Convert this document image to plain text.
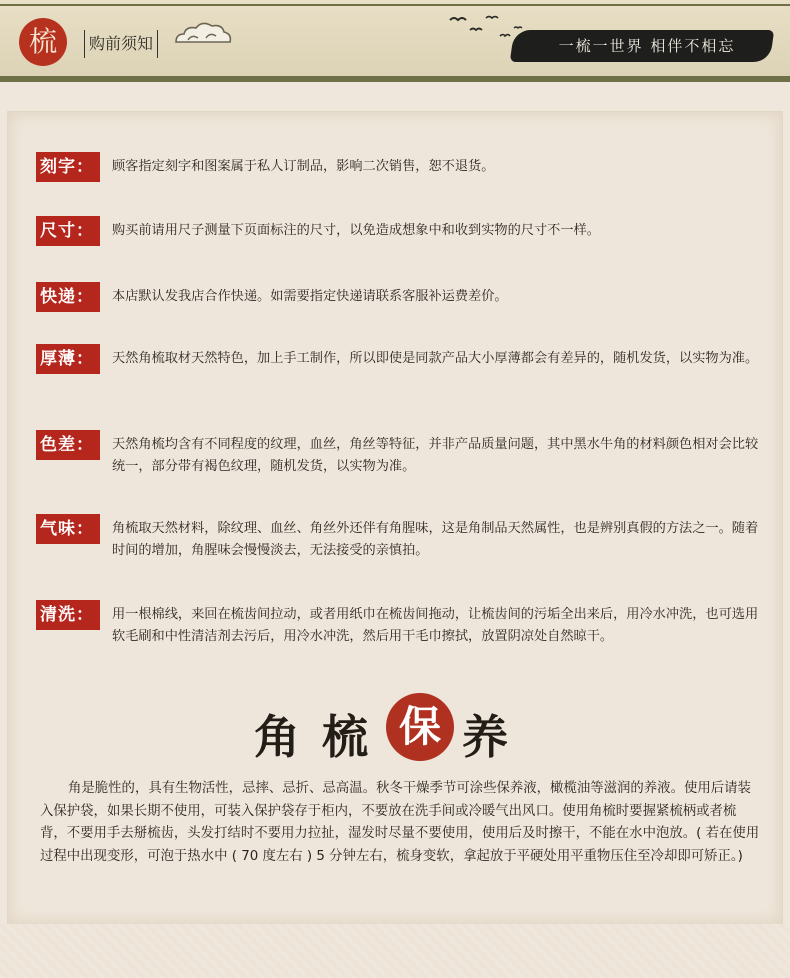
梳	购前须知	一梳一世界 相伴不相忘
刻字：	顾客指定刻字和图案属于私人订制品，影响二次销售，恕不退货。
尺寸：	购买前请用尺子测量下页面标注的尺寸，以免造成想象中和收到实物的尺寸不一样。
快递：	本店默认发我店合作快递。如需要指定快递请联系客服补运费差价。
厚薄：	天然角梳取材天然特色，加上手工制作，所以即使是同款产品大小厚薄都会有差异的，随机发货，以实物为准。
色差：	天然角梳均含有不同程度的纹理，血丝，角丝等特征，并非产品质量问题，其中黑水牛角的材料颜色相对会比较统一，部分带有褐色纹理，随机发货，以实物为准。
气味：	角梳取天然材料，除纹理、血丝、角丝外还伴有角腥味，这是角制品天然属性，也是辨别真假的方法之一。随着时间的增加，角腥味会慢慢淡去，无法接受的亲慎拍。
清洗：	用一根棉线，来回在梳齿间拉动，或者用纸巾在梳齿间拖动，让梳齿间的污垢全出来后，用冷水冲洗，也可选用软毛刷和中性清洁剂去污后，用冷水冲洗，然后用干毛巾擦拭，放置阴凉处自然晾干。
角 梳 保 养
角是脆性的，具有生物活性，忌摔、忌折、忌高温。秋冬干燥季节可涂些保养液，橄榄油等滋润的养液。使用后请装入保护袋，如果长期不使用，可装入保护袋存于柜内，不要放在洗手间或冷暖气出风口。使用角梳时要握紧梳柄或者梳背，不要用手去掰梳齿，头发打结时不要用力拉扯，湿发时尽量不要使用，使用后及时擦干，不能在水中泡放。( 若在使用过程中出现变形，可泡于热水中 ( 70 度左右 ) 5 分钟左右，梳身变软，拿起放于平硬处用平重物压住至冷却即可矫正。)
